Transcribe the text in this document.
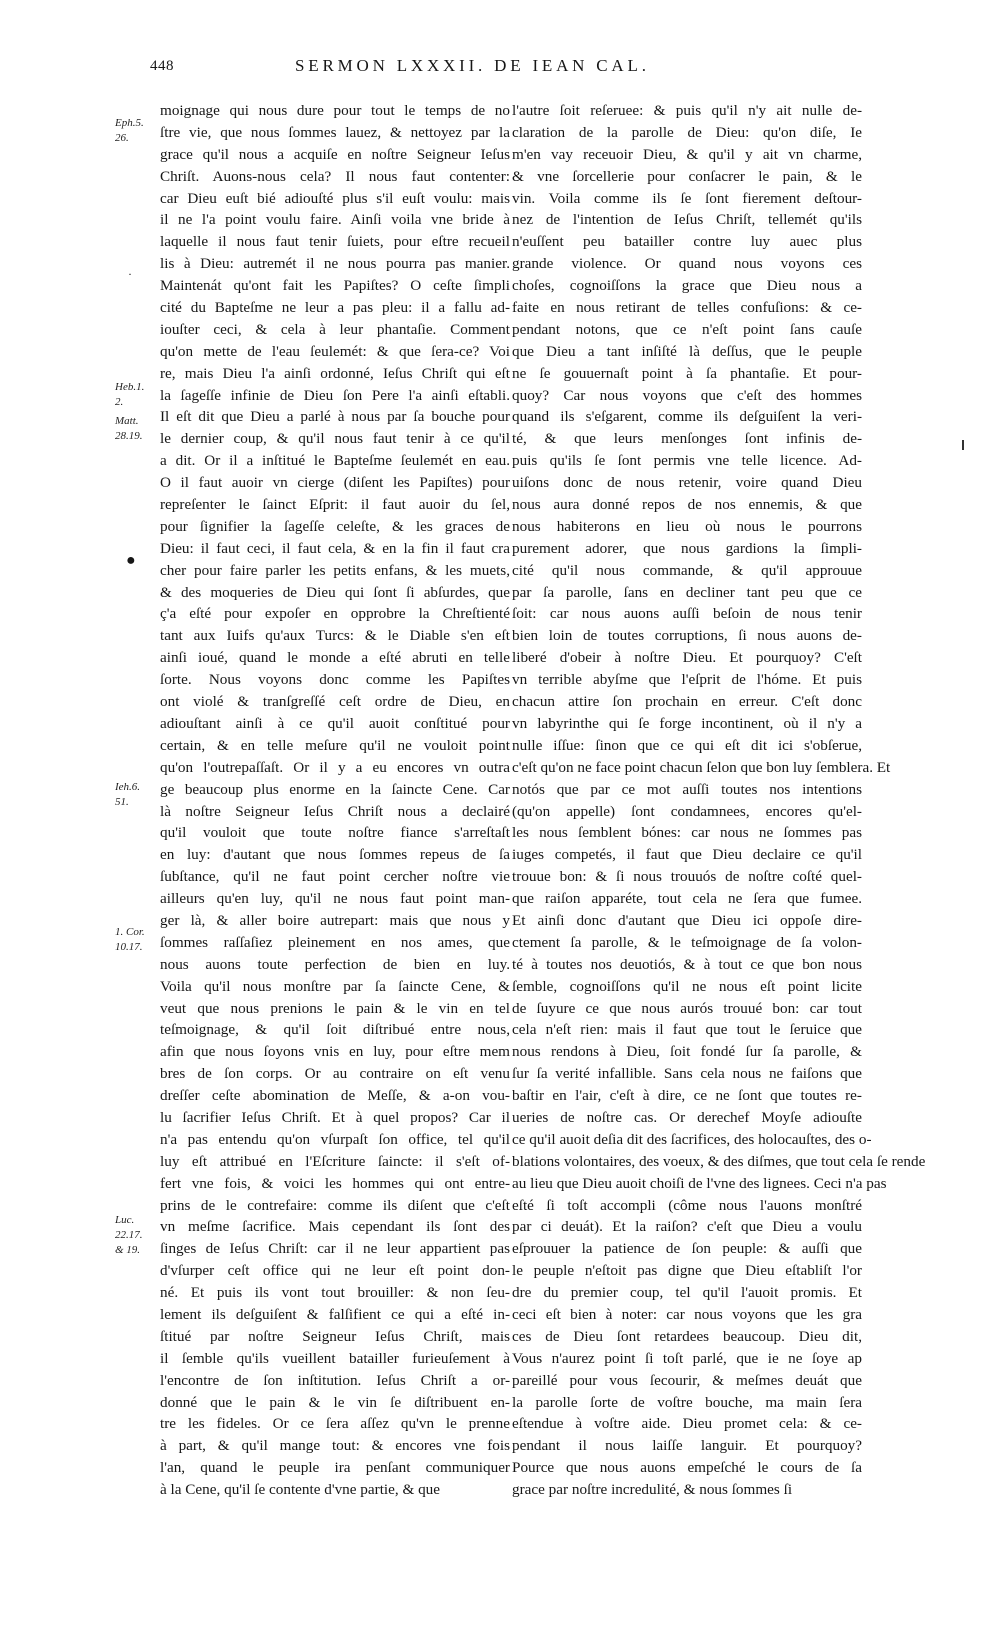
448	SERMON LXXXII. DE IEAN CAL.
moignage qui nous dure pour tout le temps de no
ſtre vie, que nous ſommes lauez, & nettoyez par la
grace qu'il nous a acquiſe en noſtre Seigneur Ieſus
Chriſt. Auons-nous cela? Il nous faut contenter:
car Dieu euſt bié adiouſté plus s'il euſt voulu: mais
il ne l'a point voulu faire. Ainſi voila vne bride à
laquelle il nous faut tenir ſuiets, pour eſtre recueil
lis à Dieu: autremét il ne nous pourra pas manier.
Maintenát qu'ont fait les Papiſtes? O ceſte ſimpli
cité du Bapteſme ne leur a pas pleu: il a fallu ad-
iouſter ceci, & cela à leur phantaſie. Comment
qu'on mette de l'eau ſeulemét: & que ſera-ce? Voi
re, mais Dieu l'a ainſi ordonné, Ieſus Chriſt qui eſt
la ſageſſe infinie de Dieu ſon Pere l'a ainſi eſtabli.
Il eſt dit que Dieu a parlé à nous par ſa bouche pour
le dernier coup, & qu'il nous faut tenir à ce qu'il
a dit. Or il a inſtitué le Bapteſme ſeulemét en eau.
O il faut auoir vn cierge (diſent les Papiſtes) pour
repreſenter le ſainct Eſprit: il faut auoir du ſel,
pour ſignifier la ſageſſe celeſte, & les graces de
Dieu: il faut ceci, il faut cela, & en la fin il faut cra
cher pour faire parler les petits enfans, & les muets,
& des moqueries de Dieu qui ſont ſi abſurdes, que
ç'a eſté pour expoſer en opprobre la Chreſtienté
tant aux Iuifs qu'aux Turcs: & le Diable s'en eſt
ainſi ioué, quand le monde a eſté abruti en telle
ſorte. Nous voyons donc comme les Papiſtes
ont violé & tranſgreſſé ceſt ordre de Dieu, en
adiouſtant ainſi à ce qu'il auoit conſtitué pour
certain, & en telle meſure qu'il ne vouloit point
qu'on l'outrepaſſaſt. Or il y a eu encores vn outra
ge beaucoup plus enorme en la ſaincte Cene. Car
là noſtre Seigneur Ieſus Chriſt nous a declairé
qu'il vouloit que toute noſtre fiance s'arreſtaſt
en luy: d'autant que nous ſommes repeus de ſa
ſubſtance, qu'il ne faut point cercher noſtre vie
ailleurs qu'en luy, qu'il ne nous faut point man-
ger là, & aller boire autrepart: mais que nous y
ſommes raſſaſiez pleinement en nos ames, que
nous auons toute perfection de bien en luy.
Voila qu'il nous monſtre par ſa ſaincte Cene, &
veut que nous prenions le pain & le vin en tel
teſmoignage, & qu'il ſoit diſtribué entre nous,
afin que nous ſoyons vnis en luy, pour eſtre mem
bres de ſon corps. Or au contraire on eſt venu
dreſſer ceſte abomination de Meſſe, & a-on vou-
lu ſacrifier Ieſus Chriſt. Et à quel propos? Car il
n'a pas entendu qu'on vſurpaſt ſon office, tel qu'il
luy eſt attribué en l'Eſcriture ſaincte: il s'eſt of-
fert vne fois, & voici les hommes qui ont entre-
prins de le contrefaire: comme ils diſent que c'eſt
vn meſme ſacrifice. Mais cependant ils ſont des
ſinges de Ieſus Chriſt: car il ne leur appartient pas
d'vſurper ceſt office qui ne leur eſt point don-
né. Et puis ils vont tout brouiller: & non ſeu-
lement ils deſguiſent & falſifient ce qui a eſté in-
ſtitué par noſtre Seigneur Ieſus Chriſt, mais
il ſemble qu'ils vueillent batailler furieuſement à
l'encontre de ſon inſtitution. Ieſus Chriſt a or-
donné que le pain & le vin ſe diſtribuent en-
tre les fideles. Or ce ſera aſſez qu'vn le prenne
à part, & qu'il mange tout: & encores vne fois
l'an, quand le peuple ira penſant communiquer
à la Cene, qu'il ſe contente d'vne partie, & que
l'autre ſoit reſeruee: & puis qu'il n'y ait nulle de-
claration de la parolle de Dieu: qu'on diſe, Ie
m'en vay receuoir Dieu, & qu'il y ait vn charme,
& vne ſorcellerie pour conſacrer le pain, & le
vin. Voila comme ils ſe ſont fierement deſtour-
nez de l'intention de Ieſus Chriſt, tellemét qu'ils
n'euſſent peu batailler contre luy auec plus
grande violence. Or quand nous voyons ces
choſes, cognoiſſons la grace que Dieu nous a
faite en nous retirant de telles confuſions: & ce-
pendant notons, que ce n'eſt point ſans cauſe
que Dieu a tant inſiſté là deſſus, que le peuple
ne ſe gouuernaſt point à ſa phantaſie. Et pour-
quoy? Car nous voyons que c'eſt des hommes
quand ils s'eſgarent, comme ils deſguiſent la veri-
té, & que leurs menſonges ſont infinis de-
puis qu'ils ſe ſont permis vne telle licence. Ad-
uiſons donc de nous retenir, voire quand Dieu
nous aura donné repos de nos ennemis, & que
nous habiterons en lieu où nous le pourrons
purement adorer, que nous gardions la ſimpli-
cité qu'il nous commande, & qu'il approuue
par ſa parolle, ſans en decliner tant peu que ce
ſoit: car nous auons auſſi beſoin de nous tenir
bien loin de toutes corruptions, ſi nous auons de-
liberé d'obeir à noſtre Dieu. Et pourquoy? C'eſt
vn terrible abyſme que l'eſprit de l'hóme. Et puis
chacun attire ſon prochain en erreur. C'eſt donc
vn labyrinthe qui ſe forge incontinent, où il n'y a
nulle iſſue: ſinon que ce qui eſt dit ici s'obſerue,
c'eſt qu'on ne face point chacun ſelon que bon luy ſemblera. Et
notós que par ce mot auſſi toutes nos intentions
(qu'on appelle) ſont condamnees, encores qu'el-
les nous ſemblent bónes: car nous ne ſommes pas
iuges competés, il faut que Dieu declaire ce qu'il
trouue bon: & ſi nous trouuós de noſtre coſté quel-
que raiſon apparéte, tout cela ne ſera que fumee.
Et ainſi donc d'autant que Dieu ici oppoſe dire-
ctement ſa parolle, & le teſmoignage de ſa volon-
té à toutes nos deuotiós, & à tout ce que bon nous
ſemble, cognoiſſons qu'il ne nous eſt point licite
de ſuyure ce que nous aurós trouué bon: car tout
cela n'eſt rien: mais il faut que tout le ſeruice que
nous rendons à Dieu, ſoit fondé ſur ſa parolle, &
ſur ſa verité infallible. Sans cela nous ne faiſons que
baſtir en l'air, c'eſt à dire, ce ne ſont que toutes re-
ueries de noſtre cas. Or derechef Moyſe adiouſte
ce qu'il auoit deſia dit des ſacrifices, des holocauſtes, des o-
blations volontaires, des voeux, & des diſmes, que tout cela ſe rende
au lieu que Dieu auoit choiſi de l'vne des lignees. Ceci n'a pas
eſté ſi toſt accompli (côme nous l'auons monſtré
par ci deuát). Et la raiſon? c'eſt que Dieu a voulu
eſprouuer la patience de ſon peuple: & auſſi que
le peuple n'eſtoit pas digne que Dieu eſtabliſt l'or
dre du premier coup, tel qu'il l'auoit promis. Et
ceci eſt bien à noter: car nous voyons que les gra
ces de Dieu ſont retardees beaucoup. Dieu dit,
Vous n'aurez point ſi toſt parlé, que ie ne ſoye ap
pareillé pour vous ſecourir, & meſmes deuát que
la parolle ſorte de voſtre bouche, ma main ſera
eſtendue à voſtre aide. Dieu promet cela: & ce-
pendant il nous laiſſe languir. Et pourquoy?
Pource que nous auons empeſché le cours de ſa
grace par noſtre incredulité, & nous ſommes ſi
Eph.5.
26.
·
Heb.1.
2.
Matt.
28.19.
●
Ieh.6.
51.
1. Cor.
10.17.
Luc.
22.17.
& 19.
